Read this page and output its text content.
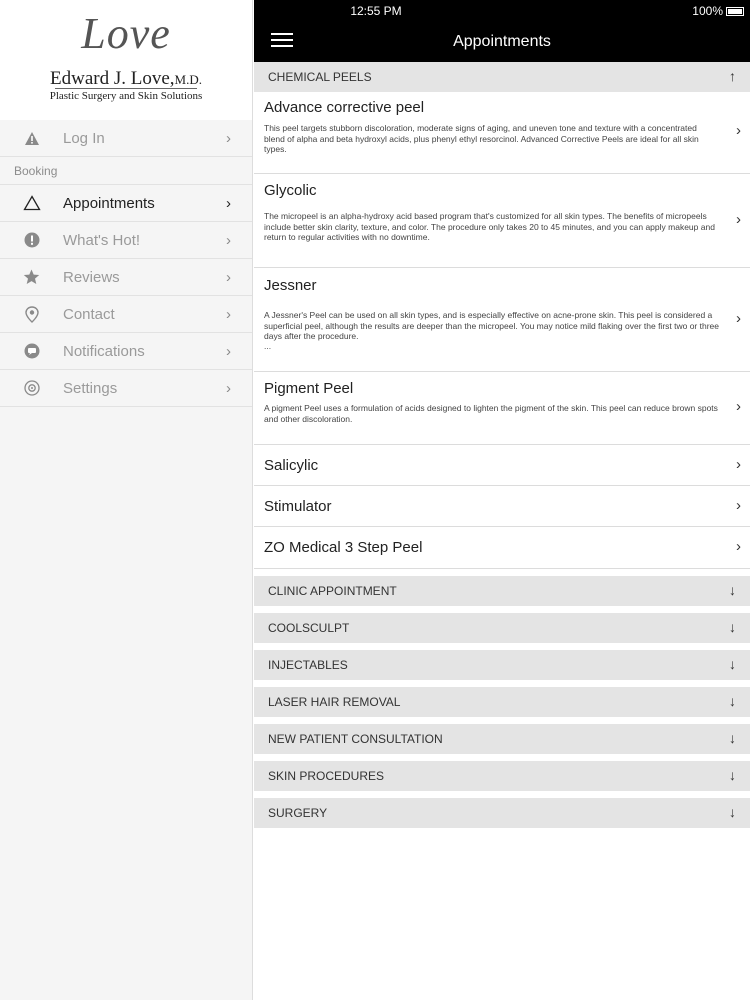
Love
Edward J. Love,M.D.
Plastic Surgery and Skin Solutions
Log In	›
Booking
Appointments	›
What's Hot!	›
Reviews	›
Contact	›
Notifications	›
Settings	›
12:55 PM	100%
Appointments
CHEMICAL PEELS	↑
Advance corrective peel
This peel targets stubborn discoloration, moderate signs of aging, and uneven tone and texture with a concentrated blend of alpha and beta hydroxyl acids, plus phenyl ethyl resorcinol. Advanced Corrective Peels are ideal for all skin types.
›
Glycolic
The micropeel is an alpha-hydroxy acid based program that's customized for all skin types. The benefits of micropeels include better skin clarity, texture, and color. The procedure only takes 20 to 45 minutes, and you can apply makeup and return to regular activities with no downtime.
›
Jessner
A Jessner's Peel can be used on all skin types, and is especially effective on acne-prone skin. This peel is considered a superficial peel, although the results are deeper than the micropeel. You may notice mild flaking over the first two or three days after the procedure.
...
›
Pigment Peel
A pigment Peel uses a formulation of acids designed to lighten the pigment of the skin. This peel can reduce brown spots and other discoloration.
›
Salicylic	›
Stimulator	›
ZO Medical 3 Step Peel	›
CLINIC APPOINTMENT	↓
COOLSCULPT	↓
INJECTABLES	↓
LASER HAIR REMOVAL	↓
NEW PATIENT CONSULTATION	↓
SKIN PROCEDURES	↓
SURGERY	↓
